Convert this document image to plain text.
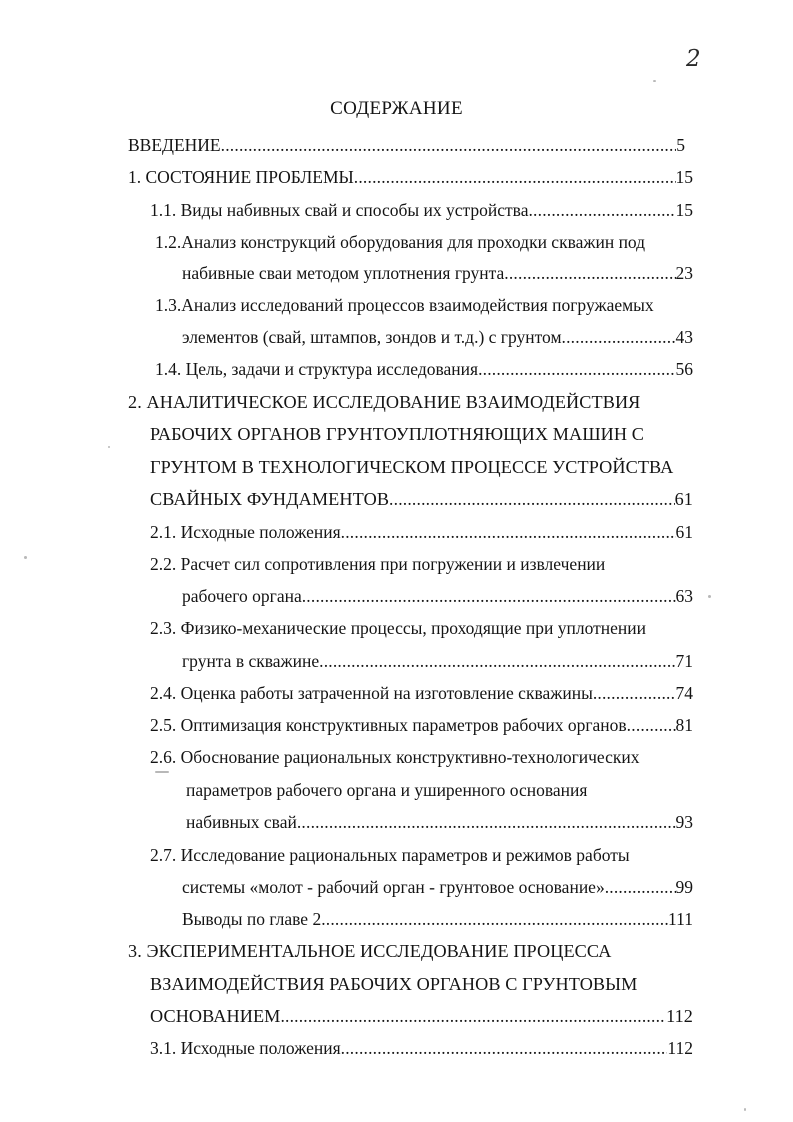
2
СОДЕРЖАНИЕ
ВВЕДЕНИЕ .....	5
1. СОСТОЯНИЕ ПРОБЛЕМЫ .....	15
1.1. Виды набивных свай и способы их устройства .....	15
1.2.Анализ конструкций оборудования для проходки скважин под
набивные сваи методом уплотнения грунта .....	23
1.3.Анализ исследований процессов взаимодействия погружаемых
элементов (свай, штампов, зондов и т.д.) с грунтом .....	43
1.4. Цель, задачи и структура исследования .....	56
2. АНАЛИТИЧЕСКОЕ ИССЛЕДОВАНИЕ ВЗАИМОДЕЙСТВИЯ
РАБОЧИХ ОРГАНОВ ГРУНТОУПЛОТНЯЮЩИХ МАШИН С
ГРУНТОМ В ТЕХНОЛОГИЧЕСКОМ ПРОЦЕССЕ УСТРОЙСТВА
СВАЙНЫХ ФУНДАМЕНТОВ .....	61
2.1. Исходные положения .....	61
2.2. Расчет сил сопротивления при погружении и извлечении
рабочего органа .....	63
2.3. Физико-механические процессы, проходящие при уплотнении
грунта в скважине .....	71
2.4. Оценка работы затраченной на изготовление скважины .....	74
2.5. Оптимизация конструктивных параметров рабочих органов .....	81
2.6. Обоснование рациональных конструктивно-технологических
параметров рабочего органа и уширенного основания
набивных свай .....	93
2.7. Исследование рациональных параметров и режимов работы
системы «молот - рабочий орган - грунтовое основание» .....	99
Выводы по главе 2 .....	111
3. ЭКСПЕРИМЕНТАЛЬНОЕ ИССЛЕДОВАНИЕ ПРОЦЕССА
ВЗАИМОДЕЙСТВИЯ РАБОЧИХ ОРГАНОВ С ГРУНТОВЫМ
ОСНОВАНИЕМ .....	112
3.1. Исходные положения .....	112
